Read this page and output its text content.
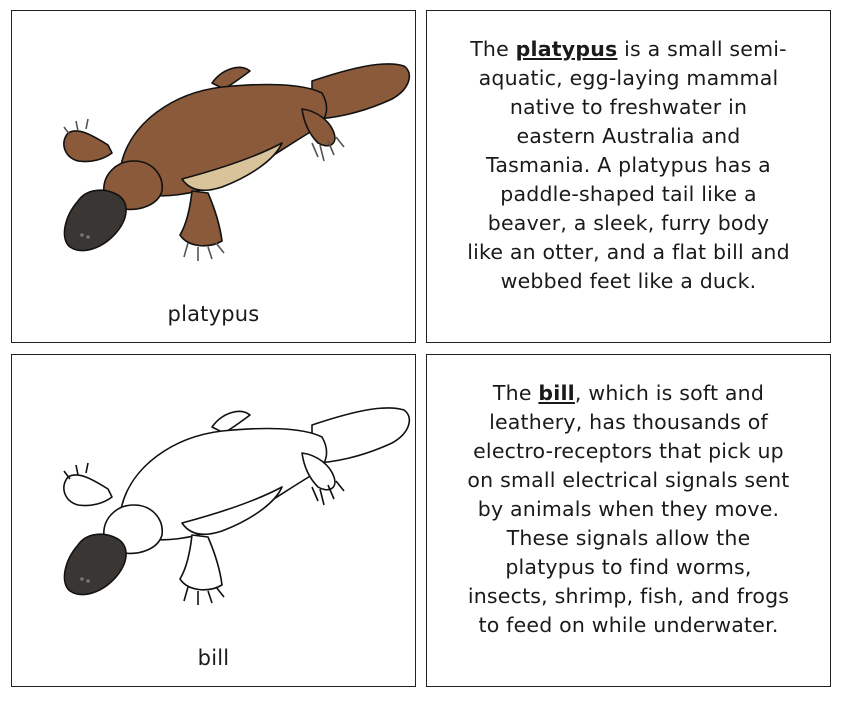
platypus
The platypus is a small semi-aquatic, egg-laying mammal native to freshwater in eastern Australia and Tasmania. A platypus has a paddle-shaped tail like a beaver, a sleek, furry body like an otter, and a flat bill and webbed feet like a duck.
bill
The bill, which is soft and leathery, has thousands of electro-receptors that pick up on small electrical signals sent by animals when they move. These signals allow the platypus to find worms, insects, shrimp, fish, and frogs to feed on while underwater.
